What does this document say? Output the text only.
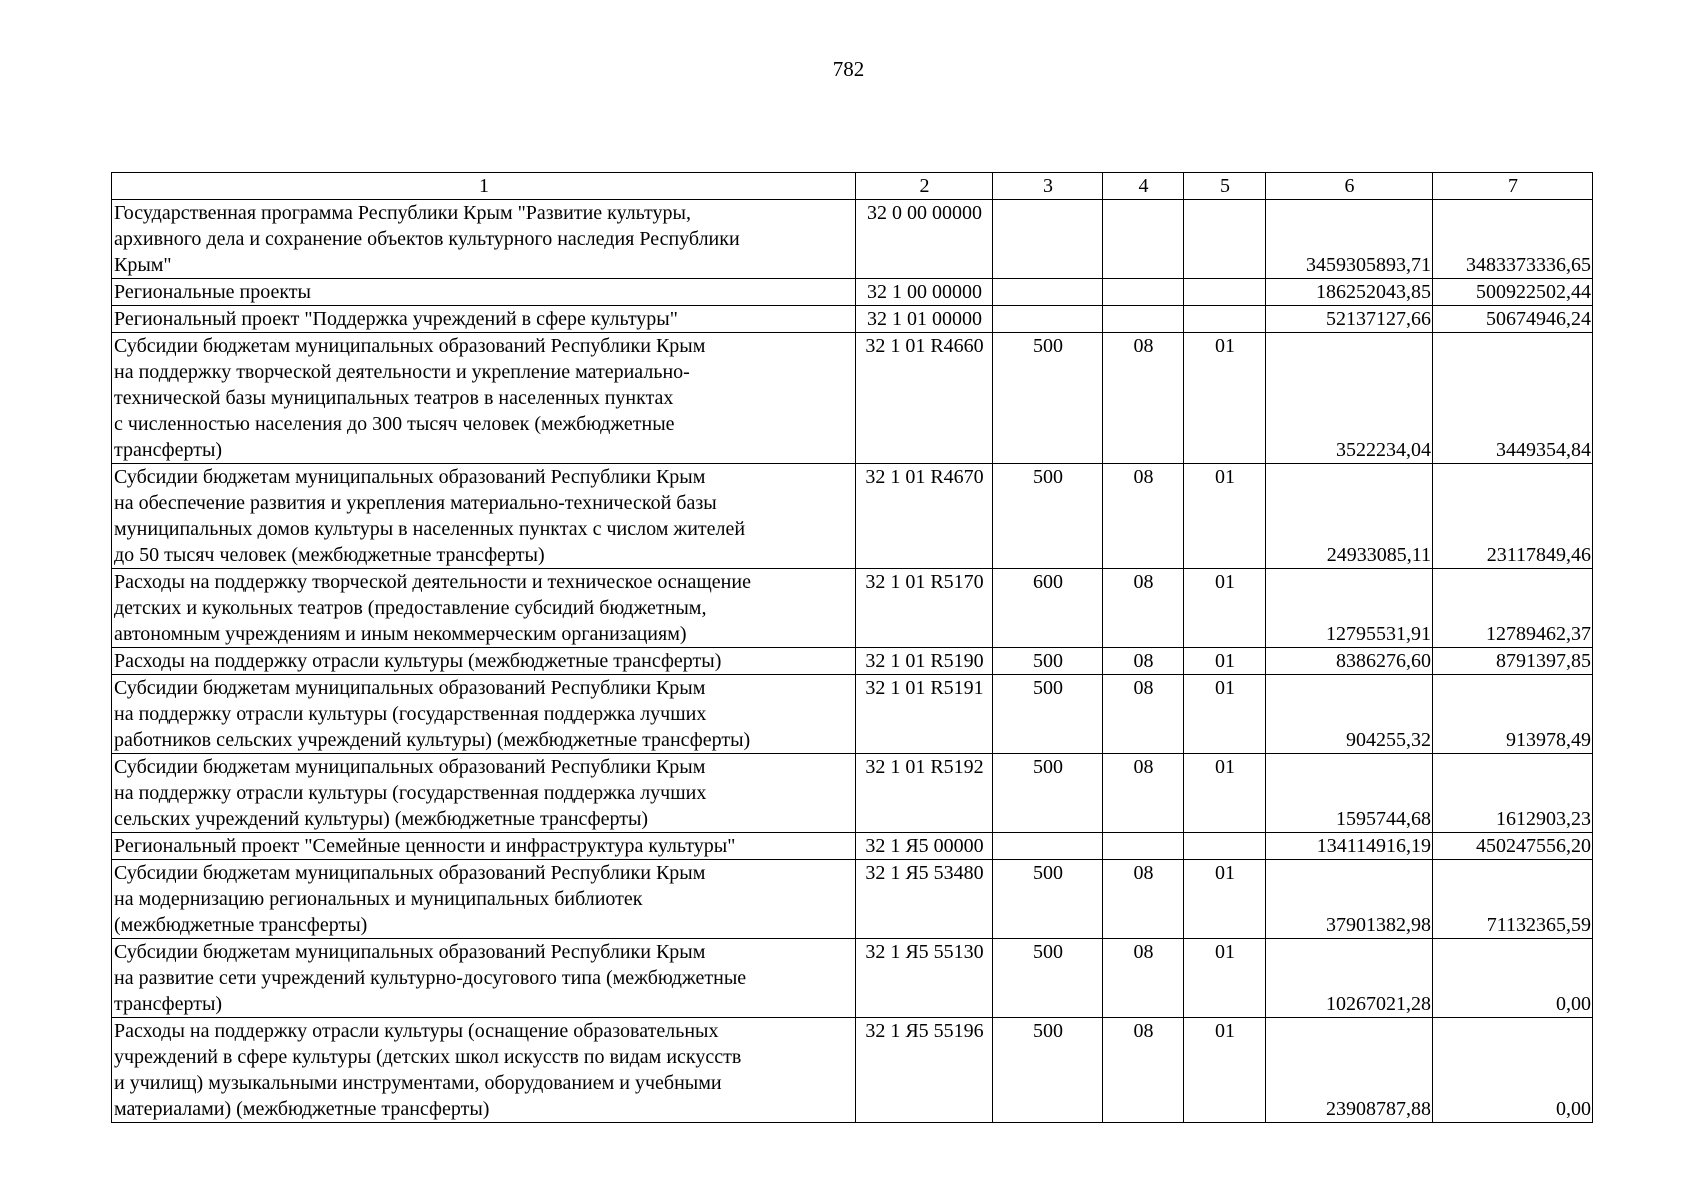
782
1	2	3	4	5	6	7

Государственная программа Республики Крым "Развитие культуры,
архивного дела и сохранение объектов культурного наследия Республики
Крым"	32 0 00 00000				3459305893,71	3483373336,65

Региональные проекты	32 1 00 00000				186252043,85	500922502,44

Региональный проект "Поддержка учреждений в сфере культуры"	32 1 01 00000				52137127,66	50674946,24

Субсидии бюджетам муниципальных образований Республики Крым
на поддержку творческой деятельности и укрепление материально-
технической базы муниципальных театров в населенных пунктах
с численностью населения до 300 тысяч человек (межбюджетные
трансферты)	32 1 01 R4660	500	08	01	3522234,04	3449354,84

Субсидии бюджетам муниципальных образований Республики Крым
на обеспечение развития и укрепления материально-технической базы
муниципальных домов культуры в населенных пунктах с числом жителей
до 50 тысяч человек (межбюджетные трансферты)	32 1 01 R4670	500	08	01	24933085,11	23117849,46

Расходы на поддержку творческой деятельности и техническое оснащение
детских и кукольных театров (предоставление субсидий бюджетным,
автономным учреждениям и иным некоммерческим организациям)	32 1 01 R5170	600	08	01	12795531,91	12789462,37

Расходы на поддержку отрасли культуры (межбюджетные трансферты)	32 1 01 R5190	500	08	01	8386276,60	8791397,85

Субсидии бюджетам муниципальных образований Республики Крым
на поддержку отрасли культуры (государственная поддержка лучших
работников сельских учреждений культуры) (межбюджетные трансферты)	32 1 01 R5191	500	08	01	904255,32	913978,49

Субсидии бюджетам муниципальных образований Республики Крым
на поддержку отрасли культуры (государственная поддержка лучших
сельских учреждений культуры) (межбюджетные трансферты)	32 1 01 R5192	500	08	01	1595744,68	1612903,23

Региональный проект "Семейные ценности и инфраструктура культуры"	32 1 Я5 00000				134114916,19	450247556,20

Субсидии бюджетам муниципальных образований Республики Крым
на модернизацию региональных и муниципальных библиотек
(межбюджетные трансферты)	32 1 Я5 53480	500	08	01	37901382,98	71132365,59

Субсидии бюджетам муниципальных образований Республики Крым
на развитие сети учреждений культурно-досугового типа (межбюджетные
трансферты)	32 1 Я5 55130	500	08	01	10267021,28	0,00

Расходы на поддержку отрасли культуры (оснащение образовательных
учреждений в сфере культуры (детских школ искусств по видам искусств
и училищ) музыкальными инструментами, оборудованием и учебными
материалами) (межбюджетные трансферты)	32 1 Я5 55196	500	08	01	23908787,88	0,00
